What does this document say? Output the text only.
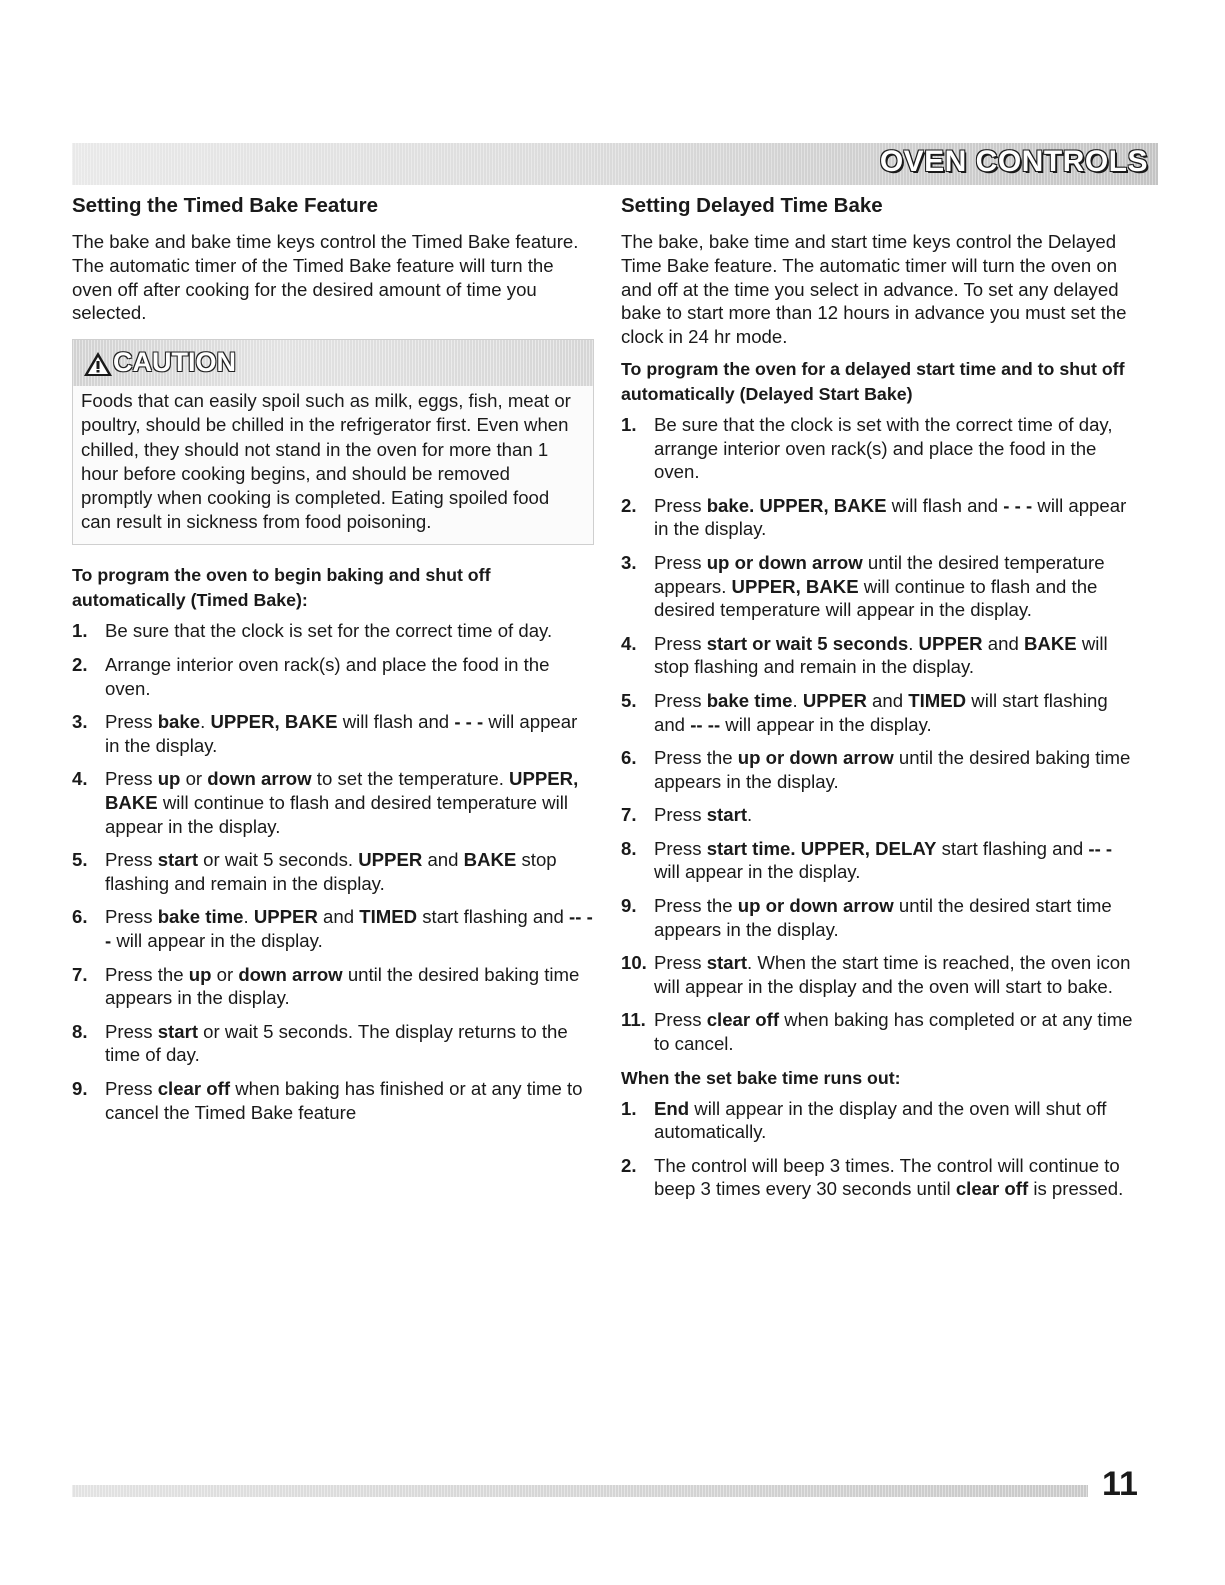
OVEN CONTROLS
Setting the Timed Bake Feature

The bake and bake time keys control the Timed Bake feature. The automatic timer of the Timed Bake feature will turn the oven off after cooking for the desired amount of time you selected.

CAUTION
Foods that can easily spoil such as milk, eggs, fish, meat or poultry, should be chilled in the refrigerator first. Even when chilled, they should not stand in the oven for more than 1 hour before cooking begins, and should be removed promptly when cooking is completed. Eating spoiled food can result in sickness from food poisoning.
To program the oven to begin baking and shut off automatically (Timed Bake):
1. Be sure that the clock is set for the correct time of day.
2. Arrange interior oven rack(s) and place the food in the oven.
3. Press bake. UPPER, BAKE will flash and - - - will appear in the display.
4. Press up or down arrow to set the temperature. UPPER, BAKE will continue to flash and desired temperature will appear in the display.
5. Press start or wait 5 seconds. UPPER and BAKE stop flashing and remain in the display.
6. Press bake time. UPPER and TIMED start flashing and -- -- will appear in the display.
7. Press the up or down arrow until the desired baking time appears in the display.
8. Press start or wait 5 seconds. The display returns to the time of day.
9. Press clear off when baking has finished or at any time to cancel the Timed Bake feature
Setting Delayed Time Bake

The bake, bake time and start time keys control the Delayed Time Bake feature. The automatic timer will turn the oven on and off at the time you select in advance. To set any delayed bake to start more than 12 hours in advance you must set the clock in 24 hr mode.

To program the oven for a delayed start time and to shut off automatically (Delayed Start Bake)
1. Be sure that the clock is set with the correct time of day, arrange interior oven rack(s) and place the food in the oven.
2. Press bake. UPPER, BAKE will flash and - - - will appear in the display.
3. Press up or down arrow until the desired temperature appears. UPPER, BAKE will continue to flash and the desired temperature will appear in the display.
4. Press start or wait 5 seconds. UPPER and BAKE will stop flashing and remain in the display.
5. Press bake time. UPPER and TIMED will start flashing and -- -- will appear in the display.
6. Press the up or down arrow until the desired baking time appears in the display.
7. Press start.
8. Press start time. UPPER, DELAY start flashing and -- - will appear in the display.
9. Press the up or down arrow until the desired start time appears in the display.
10. Press start. When the start time is reached, the oven icon will appear in the display and the oven will start to bake.
11. Press clear off when baking has completed or at any time to cancel.
When the set bake time runs out:
1. End will appear in the display and the oven will shut off automatically.
2. The control will beep 3 times. The control will continue to beep 3 times every 30 seconds until clear off is pressed.
11
